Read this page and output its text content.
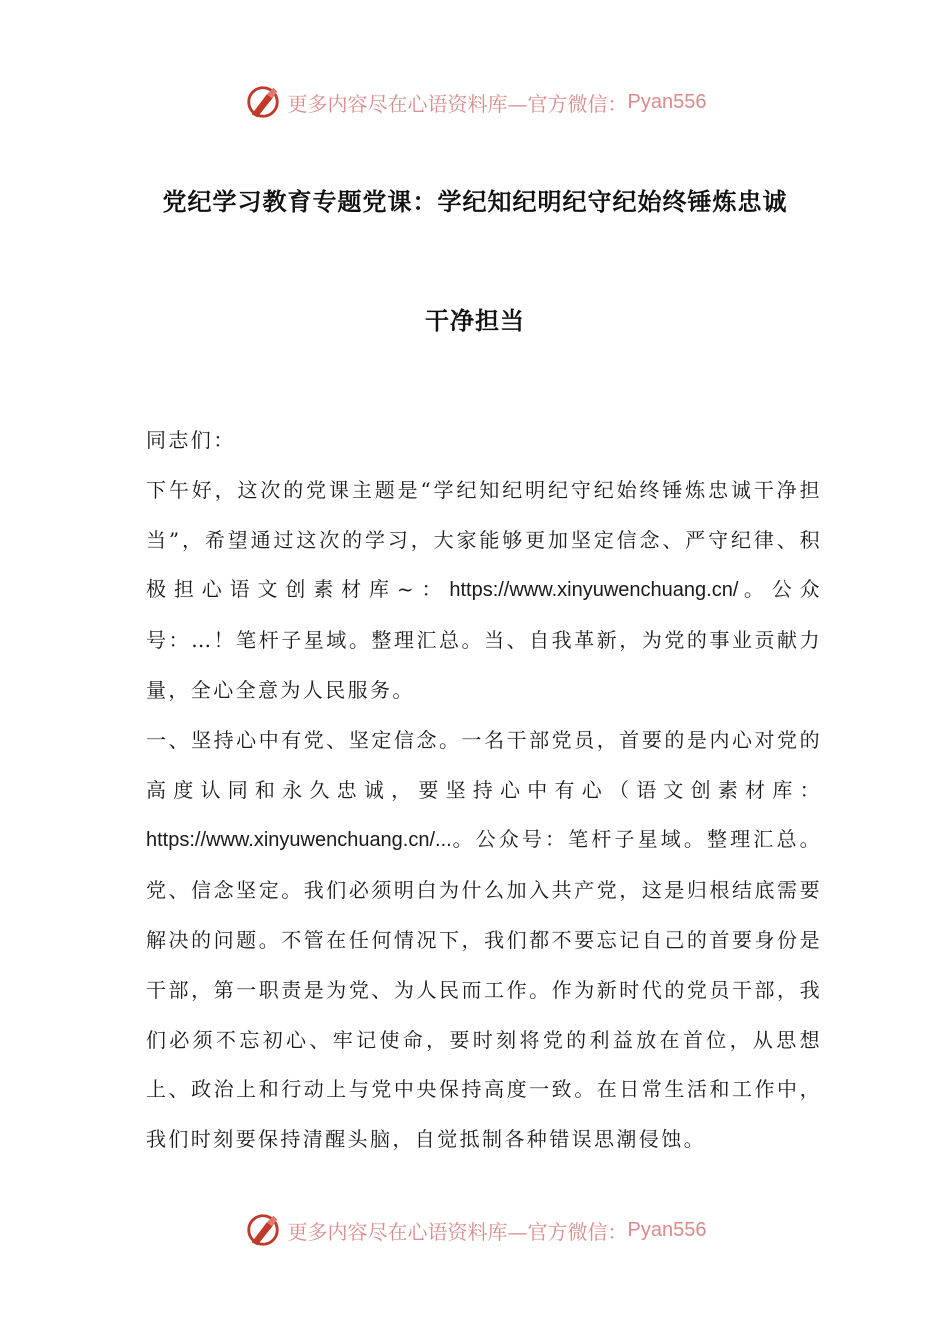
更多内容尽在心语资料库—官方微信： Pyan556
党纪学习教育专题党课：学纪知纪明纪守纪始终锤炼忠诚
干净担当

同志们：

下午好，这次的党课主题是“学纪知纪明纪守纪始终锤炼忠诚干净担当”，希望通过这次的学习，大家能够更加坚定信念、严守纪律、积极担心语文创素材库~：https://www.xinyuwenchuang.cn/。公众号：…！笔杆子星域。整理汇总。当、自我革新，为党的事业贡献力量，全心全意为人民服务。

一、坚持心中有党、坚定信念。一名干部党员，首要的是内心对党的高度认同和永久忠诚，要坚持心中有心（语文创素材库：https://www.xinyuwenchuang.cn/...。公众号：笔杆子星域。整理汇总。党、信念坚定。我们必须明白为什么加入共产党，这是归根结底需要解决的问题。不管在任何情况下，我们都不要忘记自己的首要身份是干部，第一职责是为党、为人民而工作。作为新时代的党员干部，我们必须不忘初心、牢记使命，要时刻将党的利益放在首位，从思想上、政治上和行动上与党中央保持高度一致。在日常生活和工作中，我们时刻要保持清醒头脑，自觉抵制各种错误思潮侵蚀。

更多内容尽在心语资料库—官方微信： Pyan556
